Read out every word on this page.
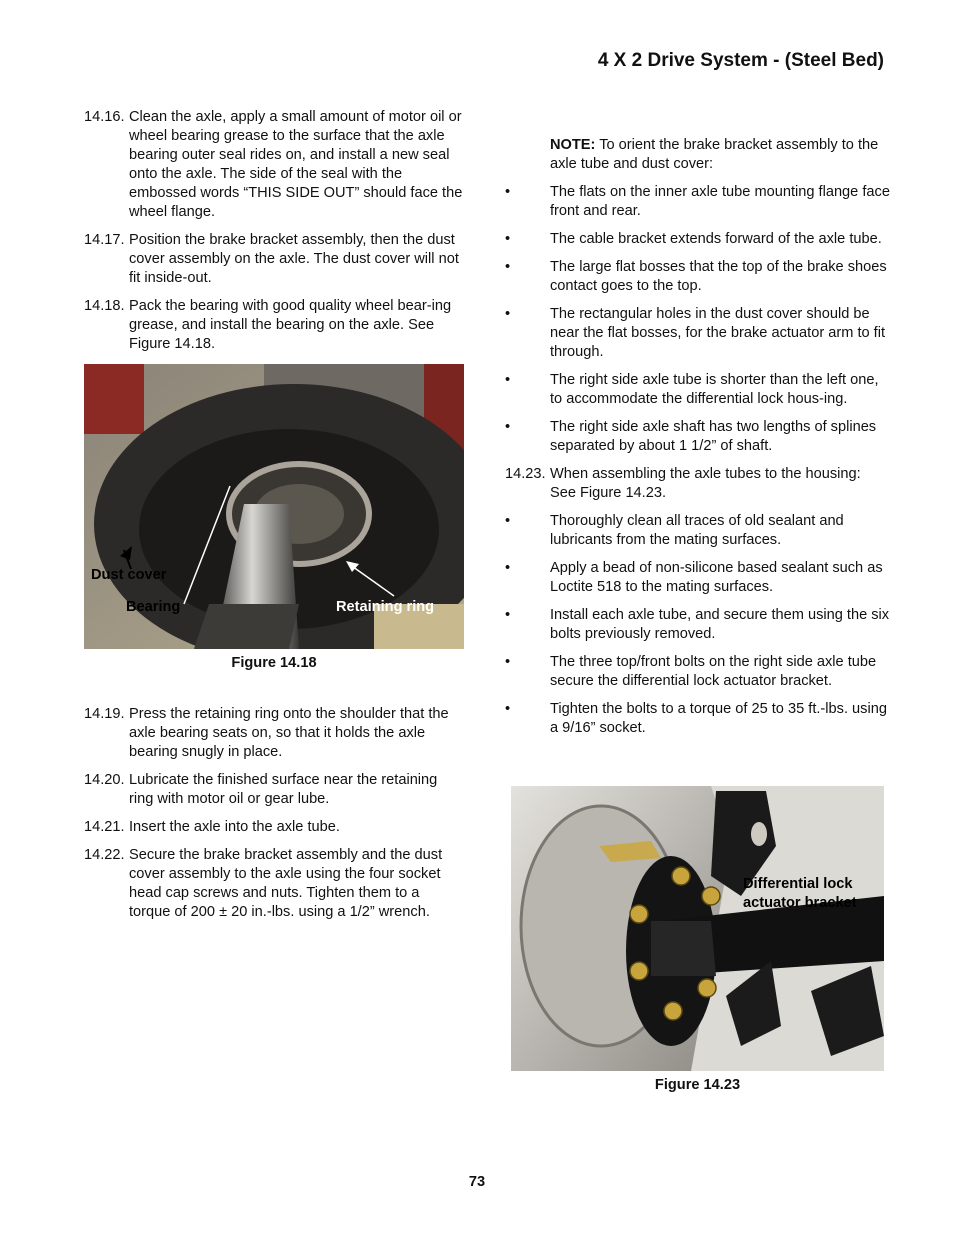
4 X 2 Drive System - (Steel Bed)
14.16. Clean the axle, apply a small amount of motor oil or wheel bearing grease to the surface that the axle bearing outer seal rides on, and install a new seal onto the axle. The side of the seal with the embossed words “THIS SIDE OUT” should face the wheel flange.
14.17. Position the brake bracket assembly, then the dust cover assembly on the axle. The dust cover will not fit inside-out.
14.18. Pack the bearing with good quality wheel bear-ing grease, and install the bearing on the axle. See Figure 14.18.
Dust cover
Bearing	Retaining ring
Figure 14.18
14.19. Press the retaining ring onto the shoulder that the axle bearing seats on, so that it holds the axle bearing snugly in place.
14.20. Lubricate the finished surface near the retaining ring with motor oil or gear lube.
14.21. Insert the axle into the axle tube.
14.22. Secure the brake bracket assembly and the dust cover assembly to the axle using the four socket head cap screws and nuts. Tighten them to a torque of 200 ± 20 in.-lbs. using a 1/2” wrench.
NOTE: To orient the brake bracket assembly to the axle tube and dust cover:
•	The flats on the inner axle tube mounting flange face front and rear.
•	The cable bracket extends forward of the axle tube.
•	The large flat bosses that the top of the brake shoes contact goes to the top.
•	The rectangular holes in the dust cover should be near the flat bosses, for the brake actuator arm to fit through.
•	The right side axle tube is shorter than the left one, to accommodate the differential lock hous-ing.
•	The right side axle shaft has two lengths of splines separated by about 1 1/2” of shaft.
14.23. When assembling the axle tubes to the housing: See Figure 14.23.
•	Thoroughly clean all traces of old sealant and lubricants from the mating surfaces.
•	Apply a bead of non-silicone based sealant such as Loctite 518 to the mating surfaces.
•	Install each axle tube, and secure them using the six bolts previously removed.
•	The three top/front bolts on the right side axle tube secure the differential lock actuator bracket.
•	Tighten the bolts to a torque of 25 to 35 ft.-lbs. using a 9/16” socket.
Differential lock
actuator bracket
Figure 14.23
73
